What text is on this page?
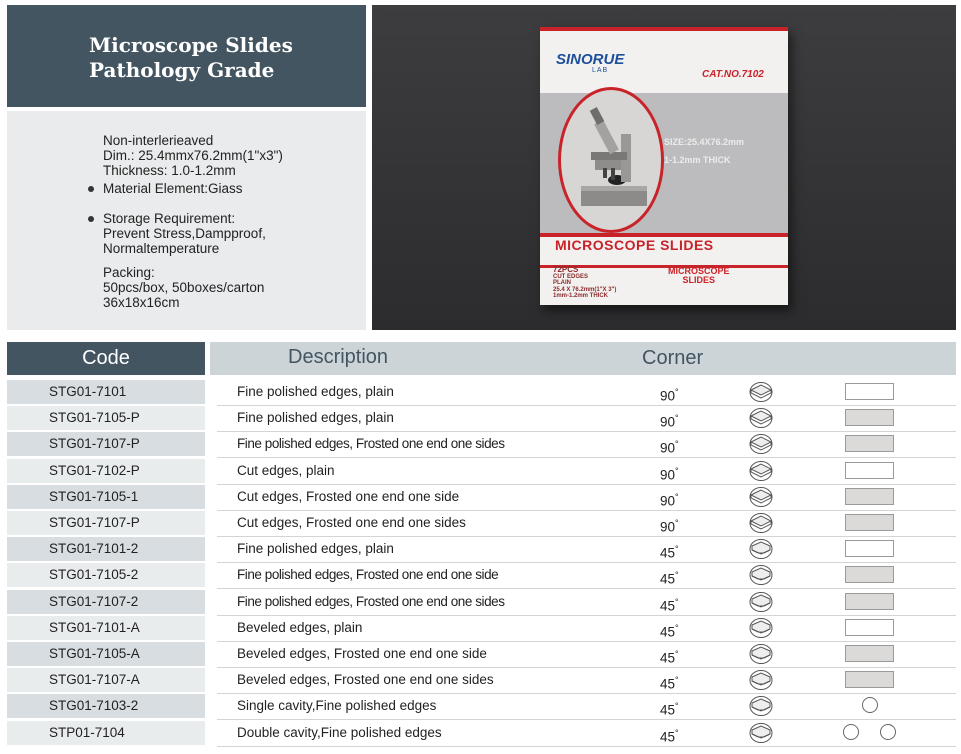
Microscope Slides
Pathology Grade
Non-interlerieaved
Dim.: 25.4mmx76.2mm(1"x3")
Thickness: 1.0-1.2mm
Material Element:Giass
Storage Requirement:
Prevent Stress,Dampproof,
Normaltemperature
Packing:
50pcs/box, 50boxes/carton
36x18x16cm
SINORUE
LAB	CAT.NO.7102
SIZE:25.4X76.2mm
1-1.2mm THICK
MICROSCOPE SLIDES
72PCS
CUT EDGES
PLAIN
25.4 X 76.2mm(1"X 3")
1mm-1.2mm THICK
MICROSCOPE
SLIDES
Code	Description	Corner
STG01-7101	Fine polished edges, plain	90°
STG01-7105-P	Fine polished edges, plain	90°
STG01-7107-P	Fine polished edges, Frosted one end one sides	90°
STG01-7102-P	Cut edges, plain	90°
STG01-7105-1	Cut edges, Frosted one end one side	90°
STG01-7107-P	Cut edges, Frosted one end one sides	90°
STG01-7101-2	Fine polished edges, plain	45°
STG01-7105-2	Fine polished edges, Frosted one end one side	45°
STG01-7107-2	Fine polished edges, Frosted one end one sides	45°
STG01-7101-A	Beveled edges, plain	45°
STG01-7105-A	Beveled edges, Frosted one end one side	45°
STG01-7107-A	Beveled edges, Frosted one end one sides	45°
STG01-7103-2	Single cavity,Fine polished edges	45°
STP01-7104	Double cavity,Fine polished edges	45°
